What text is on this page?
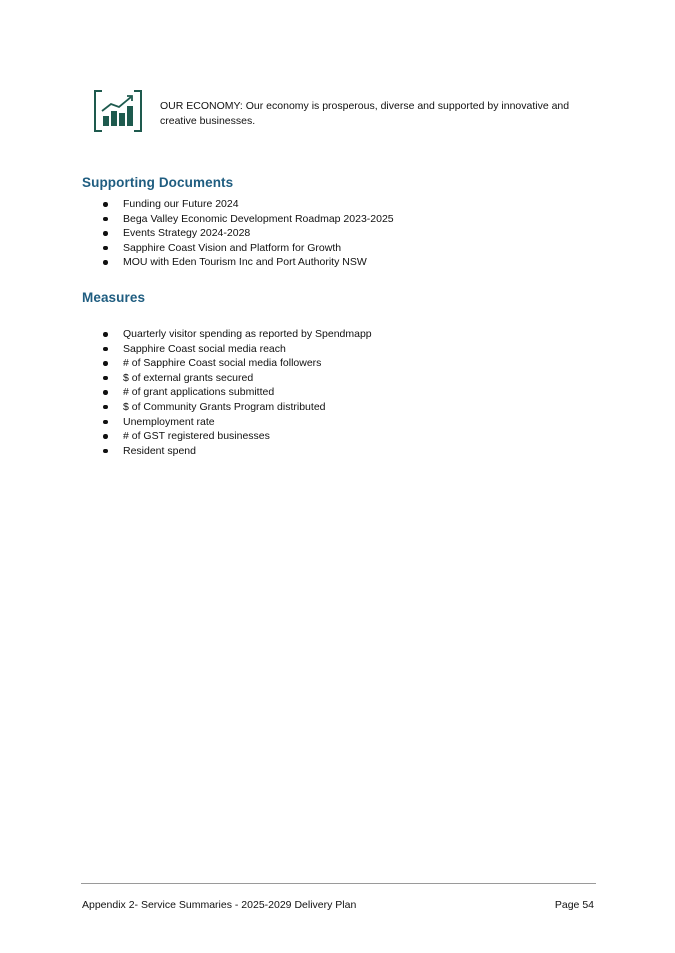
OUR ECONOMY: Our economy is prosperous, diverse and supported by innovative and creative businesses.
Supporting Documents
Funding our Future 2024
Bega Valley Economic Development Roadmap 2023-2025
Events Strategy 2024-2028
Sapphire Coast Vision and Platform for Growth
MOU with Eden Tourism Inc and Port Authority NSW
Measures
Quarterly visitor spending as reported by Spendmapp
Sapphire Coast social media reach
# of Sapphire Coast social media followers
$ of external grants secured
# of grant applications submitted
$ of Community Grants Program distributed
Unemployment rate
# of GST registered businesses
Resident spend
Appendix 2- Service Summaries - 2025-2029 Delivery Plan	Page 54
